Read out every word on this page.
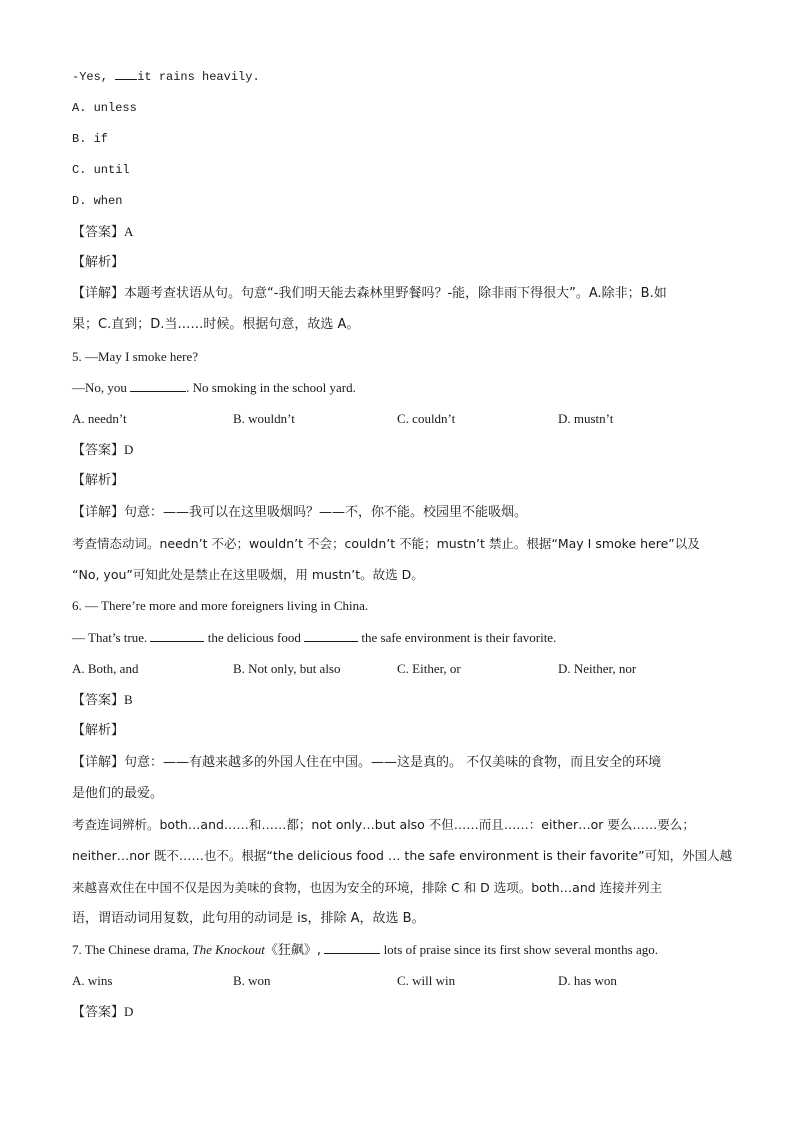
-Yes, it rains heavily.
A. unless
B. if
C. until
D. when
【答案】A
【解析】
【详解】本题考查状语从句。句意“-我们明天能去森林里野餐吗？-能，除非雨下得很大”。A.除非；B.如
果；C.直到；D.当……时候。根据句意，故选 A。
5. —May I smoke here?
—No, you	. No smoking in the school yard.
A. needn’t	B. wouldn’t	C. couldn’t	D. mustn’t
【答案】D
【解析】
【详解】句意：——我可以在这里吸烟吗？——不，你不能。校园里不能吸烟。
考查情态动词。needn’t 不必；wouldn’t 不会；couldn’t 不能；mustn’t 禁止。根据“May I smoke here”以及
“No, you”可知此处是禁止在这里吸烟，用 mustn’t。故选 D。
6. — There’re more and more foreigners living in China.
— That’s true.	the delicious food	the safe environment is their favorite.
A. Both, and	B. Not only, but also	C. Either, or	D. Neither, nor
【答案】B
【解析】
【详解】句意：——有越来越多的外国人住在中国。——这是真的。 不仅美味的食物，而且安全的环境
是他们的最爱。
考查连词辨析。both…and……和……都；not only…but also 不但……而且……：either…or 要么……要么；
neither…nor 既不……也不。根据“the delicious food … the safe environment is their favorite”可知，外国人越
来越喜欢住在中国不仅是因为美味的食物，也因为安全的环境，排除 C 和 D 选项。both…and 连接并列主
语，谓语动词用复数，此句用的动词是 is，排除 A，故选 B。
7. The Chinese drama, The Knockout《狂飙》,	lots of praise since its first show several months ago.
A. wins	B. won	C. will win	D. has won
【答案】D
